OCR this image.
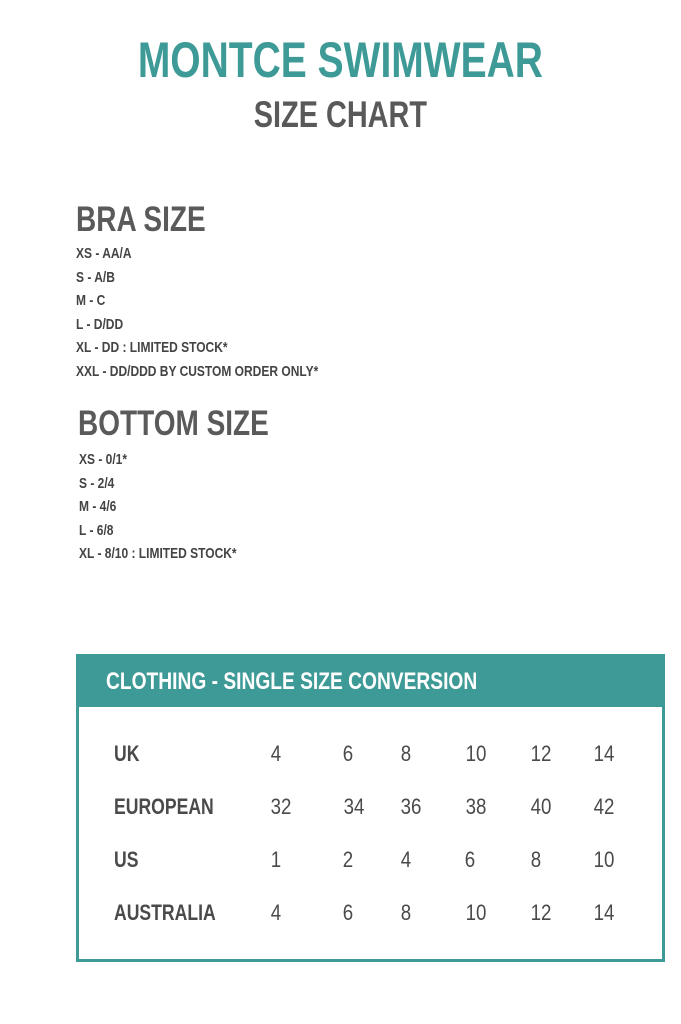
MONTCE SWIMWEAR
SIZE CHART
BRA SIZE
XS - AA/A
S - A/B
M - C
L - D/DD
XL - DD : LIMITED STOCK*
XXL - DD/DDD BY CUSTOM ORDER ONLY*
BOTTOM SIZE
XS - 0/1*
S - 2/4
M - 4/6
L - 6/8
XL - 8/10 : LIMITED STOCK*
CLOTHING - SINGLE SIZE CONVERSION
UK	4	6	8	10	12	14
EUROPEAN	32	34	36	38	40	42
US	1	2	4	6	8	10
AUSTRALIA	4	6	8	10	12	14
